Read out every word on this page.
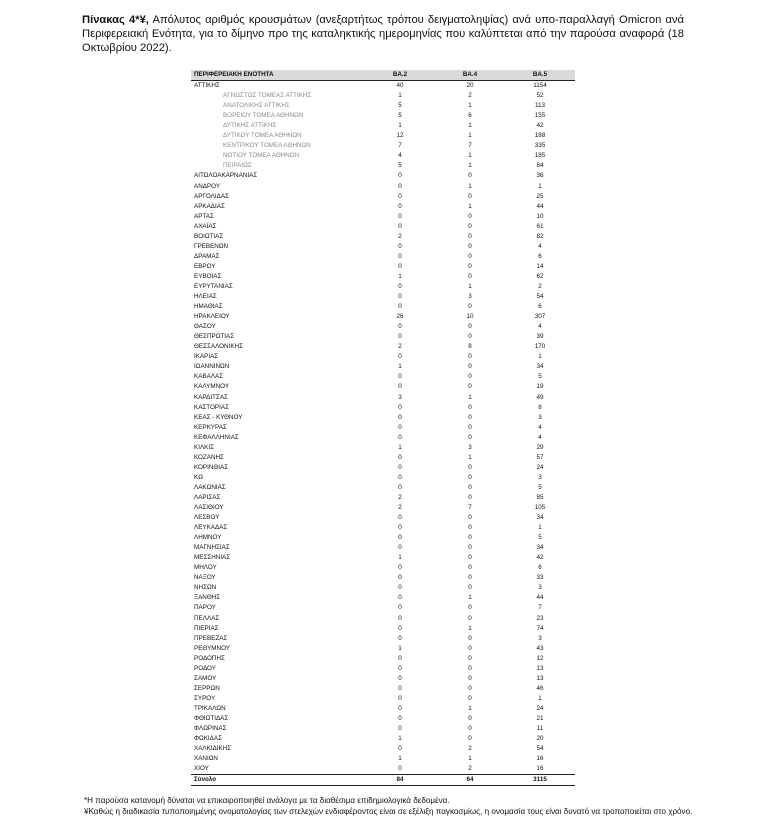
Πίνακας 4*¥, Απόλυτος αριθμός κρουσμάτων (ανεξαρτήτως τρόπου δειγματοληψίας) ανά υπο-παραλλαγή Omicron ανά Περιφερειακή Ενότητα, για το δίμηνο προ της καταληκτικής ημερομηνίας που καλύπτεται από την παρούσα αναφορά (18 Οκτωβρίου 2022).
ΠΕΡΙΦΕΡΕΙΑΚΗ ΕΝΟΤΗΤΑ	BA.2	BA.4	BA.5
ΑΤΤΙΚΗΣ	40	20	1154
ΑΓΝΩΣΤΟΣ ΤΟΜΕΑΣ ΑΤΤΙΚΗΣ	1	2	52
ΑΝΑΤΟΛΙΚΗΣ ΑΤΤΙΚΗΣ	5	1	113
ΒΟΡΕΙΟΥ ΤΟΜΕΑ ΑΘΗΝΩΝ	5	6	155
ΔΥΤΙΚΗΣ ΑΤΤΙΚΗΣ	1	1	42
ΔΥΤΙΚΟΥ ΤΟΜΕΑ ΑΘΗΝΩΝ	12	1	188
ΚΕΝΤΡΙΚΟΥ ΤΟΜΕΑ ΑΘΗΝΩΝ	7	7	335
ΝΟΤΙΟΥ ΤΟΜΕΑ ΑΘΗΝΩΝ	4	1	185
ΠΕΙΡΑΙΩΣ	5	1	84
ΑΙΤΩΛΟΑΚΑΡΝΑΝΙΑΣ	0	0	36
ΑΝΔΡΟΥ	0	1	1
ΑΡΓΟΛΙΔΑΣ	0	0	25
ΑΡΚΑΔΙΑΣ	0	1	44
ΑΡΤΑΣ	0	0	10
ΑΧΑΪΑΣ	0	0	61
ΒΟΙΩΤΙΑΣ	2	0	82
ΓΡΕΒΕΝΩΝ	0	0	4
ΔΡΑΜΑΣ	0	0	6
ΕΒΡΟΥ	0	0	14
ΕΥΒΟΙΑΣ	1	0	62
ΕΥΡΥΤΑΝΙΑΣ	0	1	2
ΗΛΕΙΑΣ	0	3	54
ΗΜΑΘΙΑΣ	0	0	6
ΗΡΑΚΛΕΙΟΥ	26	10	307
ΘΑΣΟΥ	0	0	4
ΘΕΣΠΡΩΤΙΑΣ	0	0	39
ΘΕΣΣΑΛΟΝΙΚΗΣ	2	8	170
ΙΚΑΡΙΑΣ	0	0	1
ΙΩΑΝΝΙΝΩΝ	1	0	34
ΚΑΒΑΛΑΣ	0	0	5
ΚΑΛΥΜΝΟΥ	0	0	19
ΚΑΡΔΙΤΣΑΣ	3	1	49
ΚΑΣΤΟΡΙΑΣ	0	0	8
ΚΕΑΣ - ΚΥΘΝΟΥ	0	0	3
ΚΕΡΚΥΡΑΣ	0	0	4
ΚΕΦΑΛΛΗΝΙΑΣ	0	0	4
ΚΙΛΚΙΣ	1	3	29
ΚΟΖΑΝΗΣ	0	1	57
ΚΟΡΙΝΘΙΑΣ	0	0	24
ΚΩ	0	0	3
ΛΑΚΩΝΙΑΣ	0	0	5
ΛΑΡΙΣΑΣ	2	0	85
ΛΑΣΙΘΙΟΥ	2	7	105
ΛΕΣΒΟΥ	0	0	34
ΛΕΥΚΑΔΑΣ	0	0	1
ΛΗΜΝΟΥ	0	0	5
ΜΑΓΝΗΣΙΑΣ	0	0	34
ΜΕΣΣΗΝΙΑΣ	1	0	42
ΜΗΛΟΥ	0	0	6
ΝΑΞΟΥ	0	0	33
ΝΗΣΩΝ	0	0	3
ΞΑΝΘΗΣ	0	1	44
ΠΑΡΟΥ	0	0	7
ΠΕΛΛΑΣ	0	0	23
ΠΙΕΡΙΑΣ	0	1	74
ΠΡΕΒΕΖΑΣ	0	0	3
ΡΕΘΥΜΝΟΥ	1	0	43
ΡΟΔΟΠΗΣ	0	0	12
ΡΟΔΟΥ	0	0	13
ΣΑΜΟΥ	0	0	13
ΣΕΡΡΩΝ	0	0	46
ΣΥΡΟΥ	0	0	1
ΤΡΙΚΑΛΩΝ	0	1	24
ΦΘΙΩΤΙΔΑΣ	0	0	21
ΦΛΩΡΙΝΑΣ	0	0	11
ΦΩΚΙΔΑΣ	1	0	20
ΧΑΛΚΙΔΙΚΗΣ	0	2	54
ΧΑΝΙΩΝ	1	1	16
ΧΙΟΥ	0	2	16
Σύνολο	84	64	3115
*Η παρούσα κατανομή δύναται να επικαιροποιηθεί ανάλογα με τα διαθέσιμα επιδημιολογικά δεδομένα.
¥Καθώς η διαδικασία τυποποιημένης ονοματολογίας των στελεχών ενδιαφέροντος είναι σε εξέλιξη παγκοσμίως, η ονομασία τους είναι δυνατό να τροποποιείται στο χρόνο.
